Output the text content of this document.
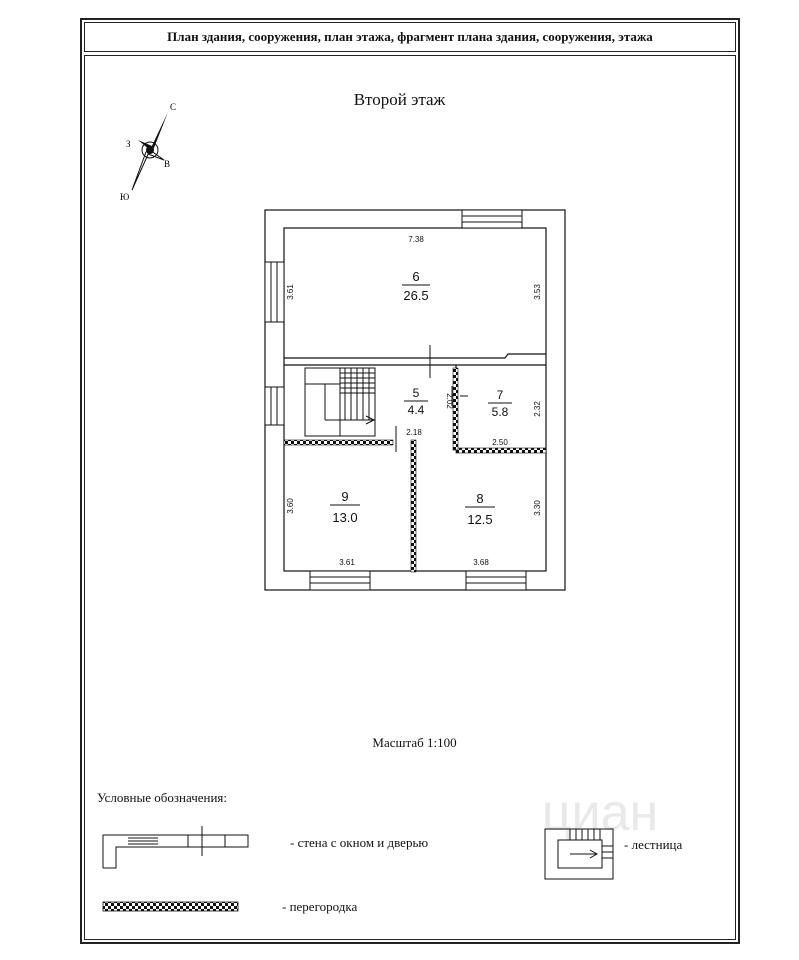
План здания, сооружения, план этажа, фрагмент плана здания, сооружения, этажа
Второй этаж
циан
С
Ю
З
В
6
26.5
5
4.4
7
5.8
9
13.0
8
12.5
7.38
3.61	3.53
2.02
2.32
2.18
2.50
3.60	3.30
3.61	3.68
Масштаб 1:100
Условные обозначения:
- стена с окном и дверью	- лестница
- перегородка
